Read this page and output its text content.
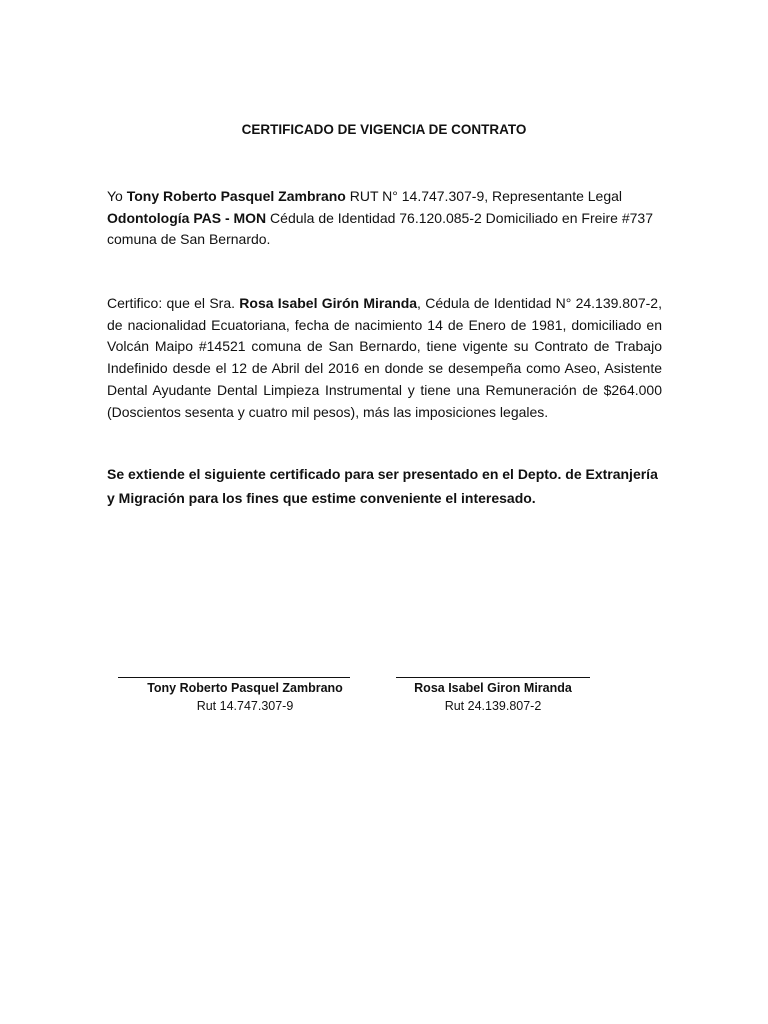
CERTIFICADO DE VIGENCIA DE CONTRATO
Yo Tony Roberto Pasquel Zambrano RUT N° 14.747.307-9, Representante Legal Odontología PAS - MON Cédula de Identidad 76.120.085-2 Domiciliado en Freire #737 comuna de San Bernardo.
Certifico: que el Sra. Rosa Isabel Girón Miranda, Cédula de Identidad N° 24.139.807-2, de nacionalidad Ecuatoriana, fecha de nacimiento 14 de Enero de 1981, domiciliado en Volcán Maipo #14521 comuna de San Bernardo, tiene vigente su Contrato de Trabajo Indefinido desde el 12 de Abril del 2016 en donde se desempeña como Aseo, Asistente Dental Ayudante Dental Limpieza Instrumental y tiene una Remuneración de $264.000 (Doscientos sesenta y cuatro mil pesos), más las imposiciones legales.
Se extiende el siguiente certificado para ser presentado en el Depto. de Extranjería y Migración para los fines que estime conveniente el interesado.
Tony Roberto Pasquel Zambrano
Rut 14.747.307-9
Rosa Isabel Giron Miranda
Rut 24.139.807-2
